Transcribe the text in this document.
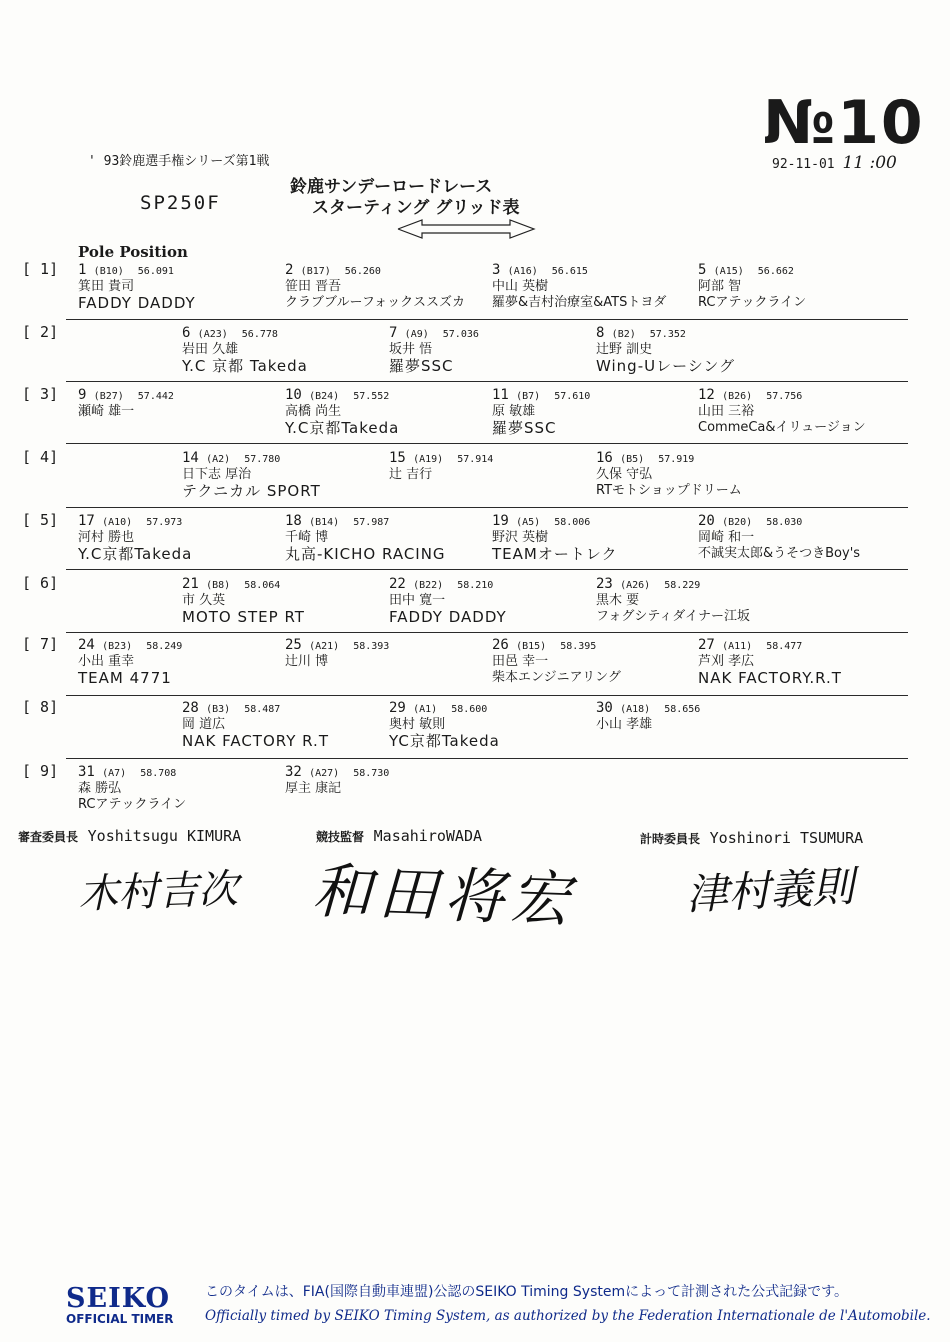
№10
92-11-01 11 :00
' 93鈴鹿選手権シリーズ第1戦
鈴鹿サンデーロードレース
SP250F	スターティング グリッド表
Pole Position
[ 1] 1 (B10) 56.091
箕田 貴司
FADDY DADDY
2 (B17) 56.260
笹田 晋吾
クラブブルーフォックススズカ
3 (A16) 56.615
中山 英樹
羅夢&吉村治療室&ATSトヨダ
5 (A15) 56.662
阿部 智
RCアテックライン
[ 2]	6 (A23) 56.778
岩田 久雄
Y.C 京都 Takeda
7 (A9) 57.036
坂井 悟
羅夢SSC
8 (B2) 57.352
辻野 訓史
Wing-Uレーシング
[ 3] 9 (B27) 57.442
瀬崎 雄一
10 (B24) 57.552
高橋 尚生
Y.C京都Takeda
11 (B7) 57.610
原 敏雄
羅夢SSC
12 (B26) 57.756
山田 三裕
CommeCa&イリュージョン
[ 4]	14 (A2) 57.780
日下志 厚治
テクニカル SPORT
15 (A19) 57.914
辻 吉行
16 (B5) 57.919
久保 守弘
RTモトショップドリーム
[ 5] 17 (A10) 57.973
河村 勝也
Y.C京都Takeda
18 (B14) 57.987
千崎 博
丸高-KICHO RACING
19 (A5) 58.006
野沢 英樹
TEAMオートレク
20 (B20) 58.030
岡崎 和一
不誠実太郎&うそつきBoy's
[ 6]	21 (B8) 58.064
市 久英
MOTO STEP RT
22 (B22) 58.210
田中 寛一
FADDY DADDY
23 (A26) 58.229
黒木 要
フォグシティダイナー江坂
[ 7] 24 (B23) 58.249
小出 重幸
TEAM 4771
25 (A21) 58.393
辻川 博
26 (B15) 58.395
田邑 幸一
柴本エンジニアリング
27 (A11) 58.477
芦刈 孝広
NAK FACTORY.R.T
[ 8]	28 (B3) 58.487
岡 道広
NAK FACTORY R.T
29 (A1) 58.600
奥村 敏則
YC京都Takeda
30 (A18) 58.656
小山 孝雄
[ 9] 31 (A7) 58.708
森 勝弘
RCアテックライン
32 (A27) 58.730
厚主 康記
審査委員長 Yoshitsugu KIMURA	競技監督 MasahiroWADA	計時委員長 Yoshinori TSUMURA
木村吉次 和田将宏	津村義則
SEIKO
OFFICIAL TIMER
このタイムは、FIA(国際自動車連盟)公認のSEIKO Timing Systemによって計測された公式記録です。
Officially timed by SEIKO Timing System, as authorized by the Federation Internationale de l'Automobile.
